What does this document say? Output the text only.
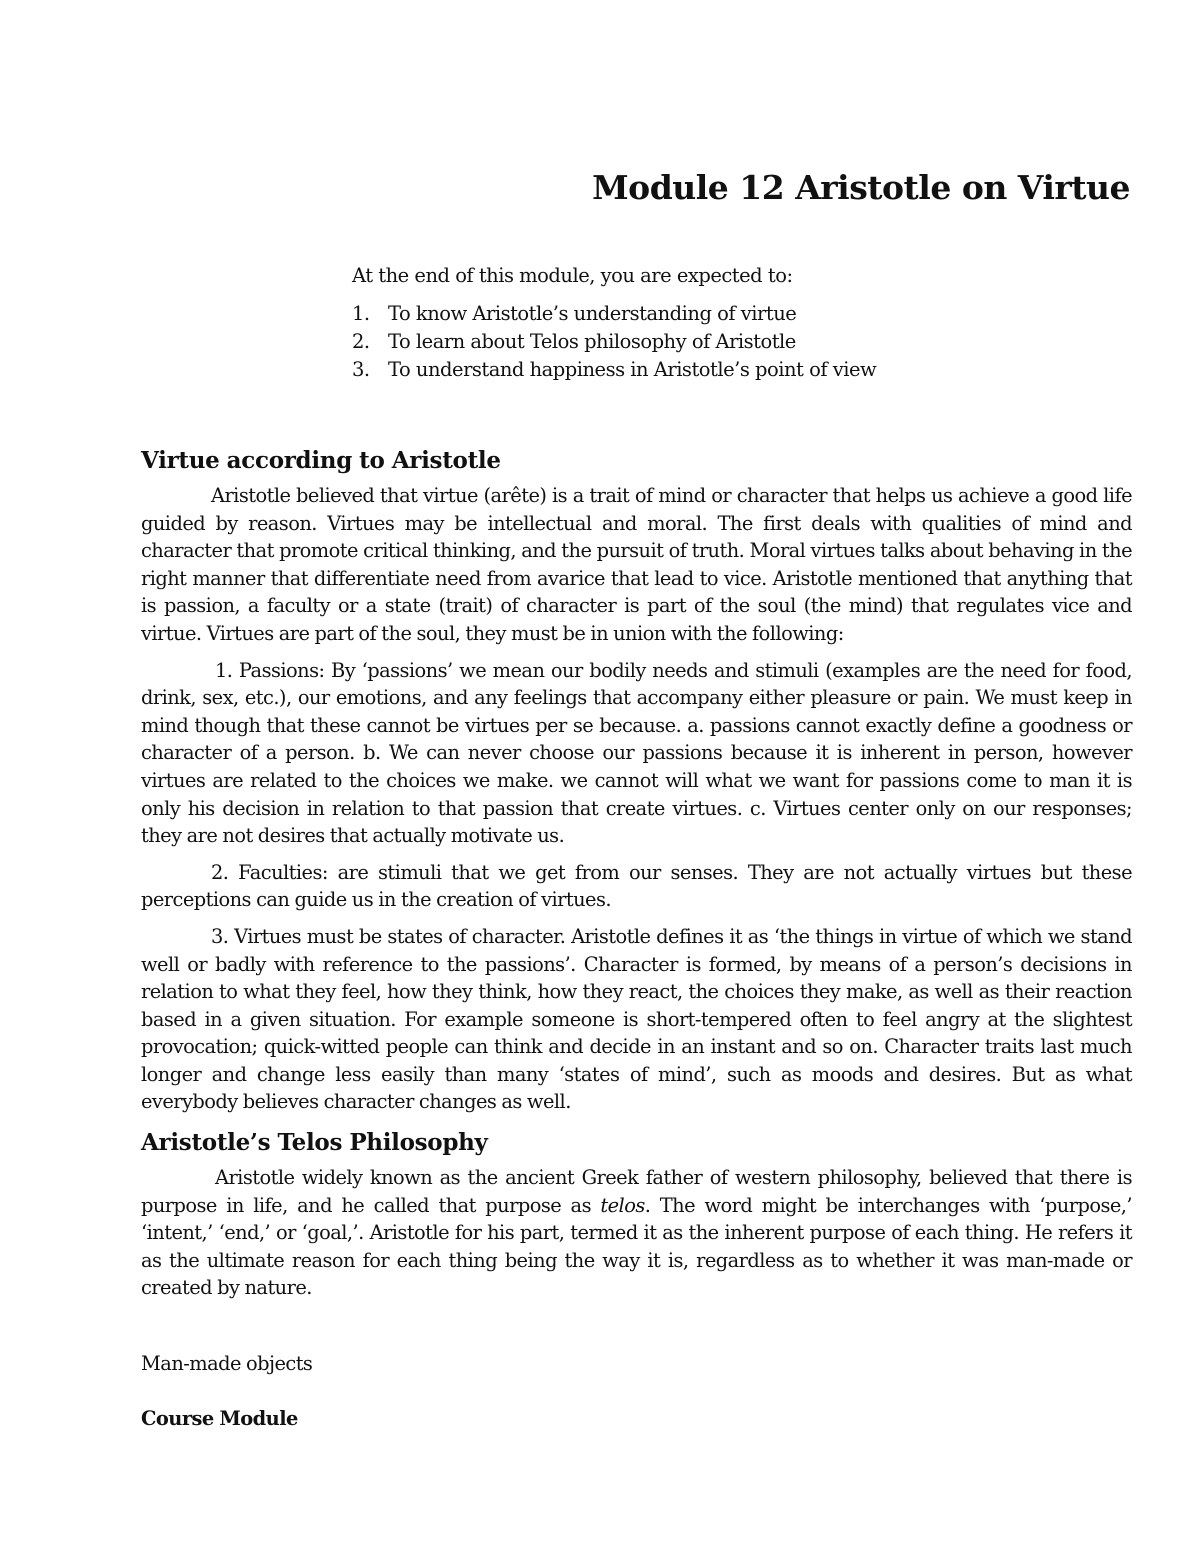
Module 12 Aristotle on Virtue

At the end of this module, you are expected to:

1. To know Aristotle’s understanding of virtue
2. To learn about Telos philosophy of Aristotle
3. To understand happiness in Aristotle’s point of view
Virtue according to Aristotle

Aristotle believed that virtue (arête) is a trait of mind or character that helps us achieve a good life guided by reason. Virtues may be intellectual and moral. The first deals with qualities of mind and character that promote critical thinking, and the pursuit of truth. Moral virtues talks about behaving in the right manner that differentiate need from avarice that lead to vice. Aristotle mentioned that anything that is passion, a faculty or a state (trait) of character is part of the soul (the mind) that regulates vice and virtue. Virtues are part of the soul, they must be in union with the following:

1. Passions: By ‘passions’ we mean our bodily needs and stimuli (examples are the need for food, drink, sex, etc.), our emotions, and any feelings that accompany either pleasure or pain. We must keep in mind though that these cannot be virtues per se because. a. passions cannot exactly define a goodness or character of a person. b. We can never choose our passions because it is inherent in person, however virtues are related to the choices we make. we cannot will what we want for passions come to man it is only his decision in relation to that passion that create virtues. c. Virtues center only on our responses; they are not desires that actually motivate us.

2. Faculties: are stimuli that we get from our senses. They are not actually virtues but these perceptions can guide us in the creation of virtues.

3. Virtues must be states of character. Aristotle defines it as ‘the things in virtue of which we stand well or badly with reference to the passions’. Character is formed, by means of a person’s decisions in relation to what they feel, how they think, how they react, the choices they make, as well as their reaction based in a given situation. For example someone is short-tempered often to feel angry at the slightest provocation; quick-witted people can think and decide in an instant and so on. Character traits last much longer and change less easily than many ‘states of mind’, such as moods and desires. But as what everybody believes character changes as well.

Aristotle’s Telos Philosophy

Aristotle widely known as the ancient Greek father of western philosophy, believed that there is purpose in life, and he called that purpose as telos. The word might be interchanges with ‘purpose,’ ‘intent,’ ‘end,’ or ‘goal,’. Aristotle for his part, termed it as the inherent purpose of each thing. He refers it as the ultimate reason for each thing being the way it is, regardless as to whether it was man-made or created by nature.

Man-made objects

Course Module
